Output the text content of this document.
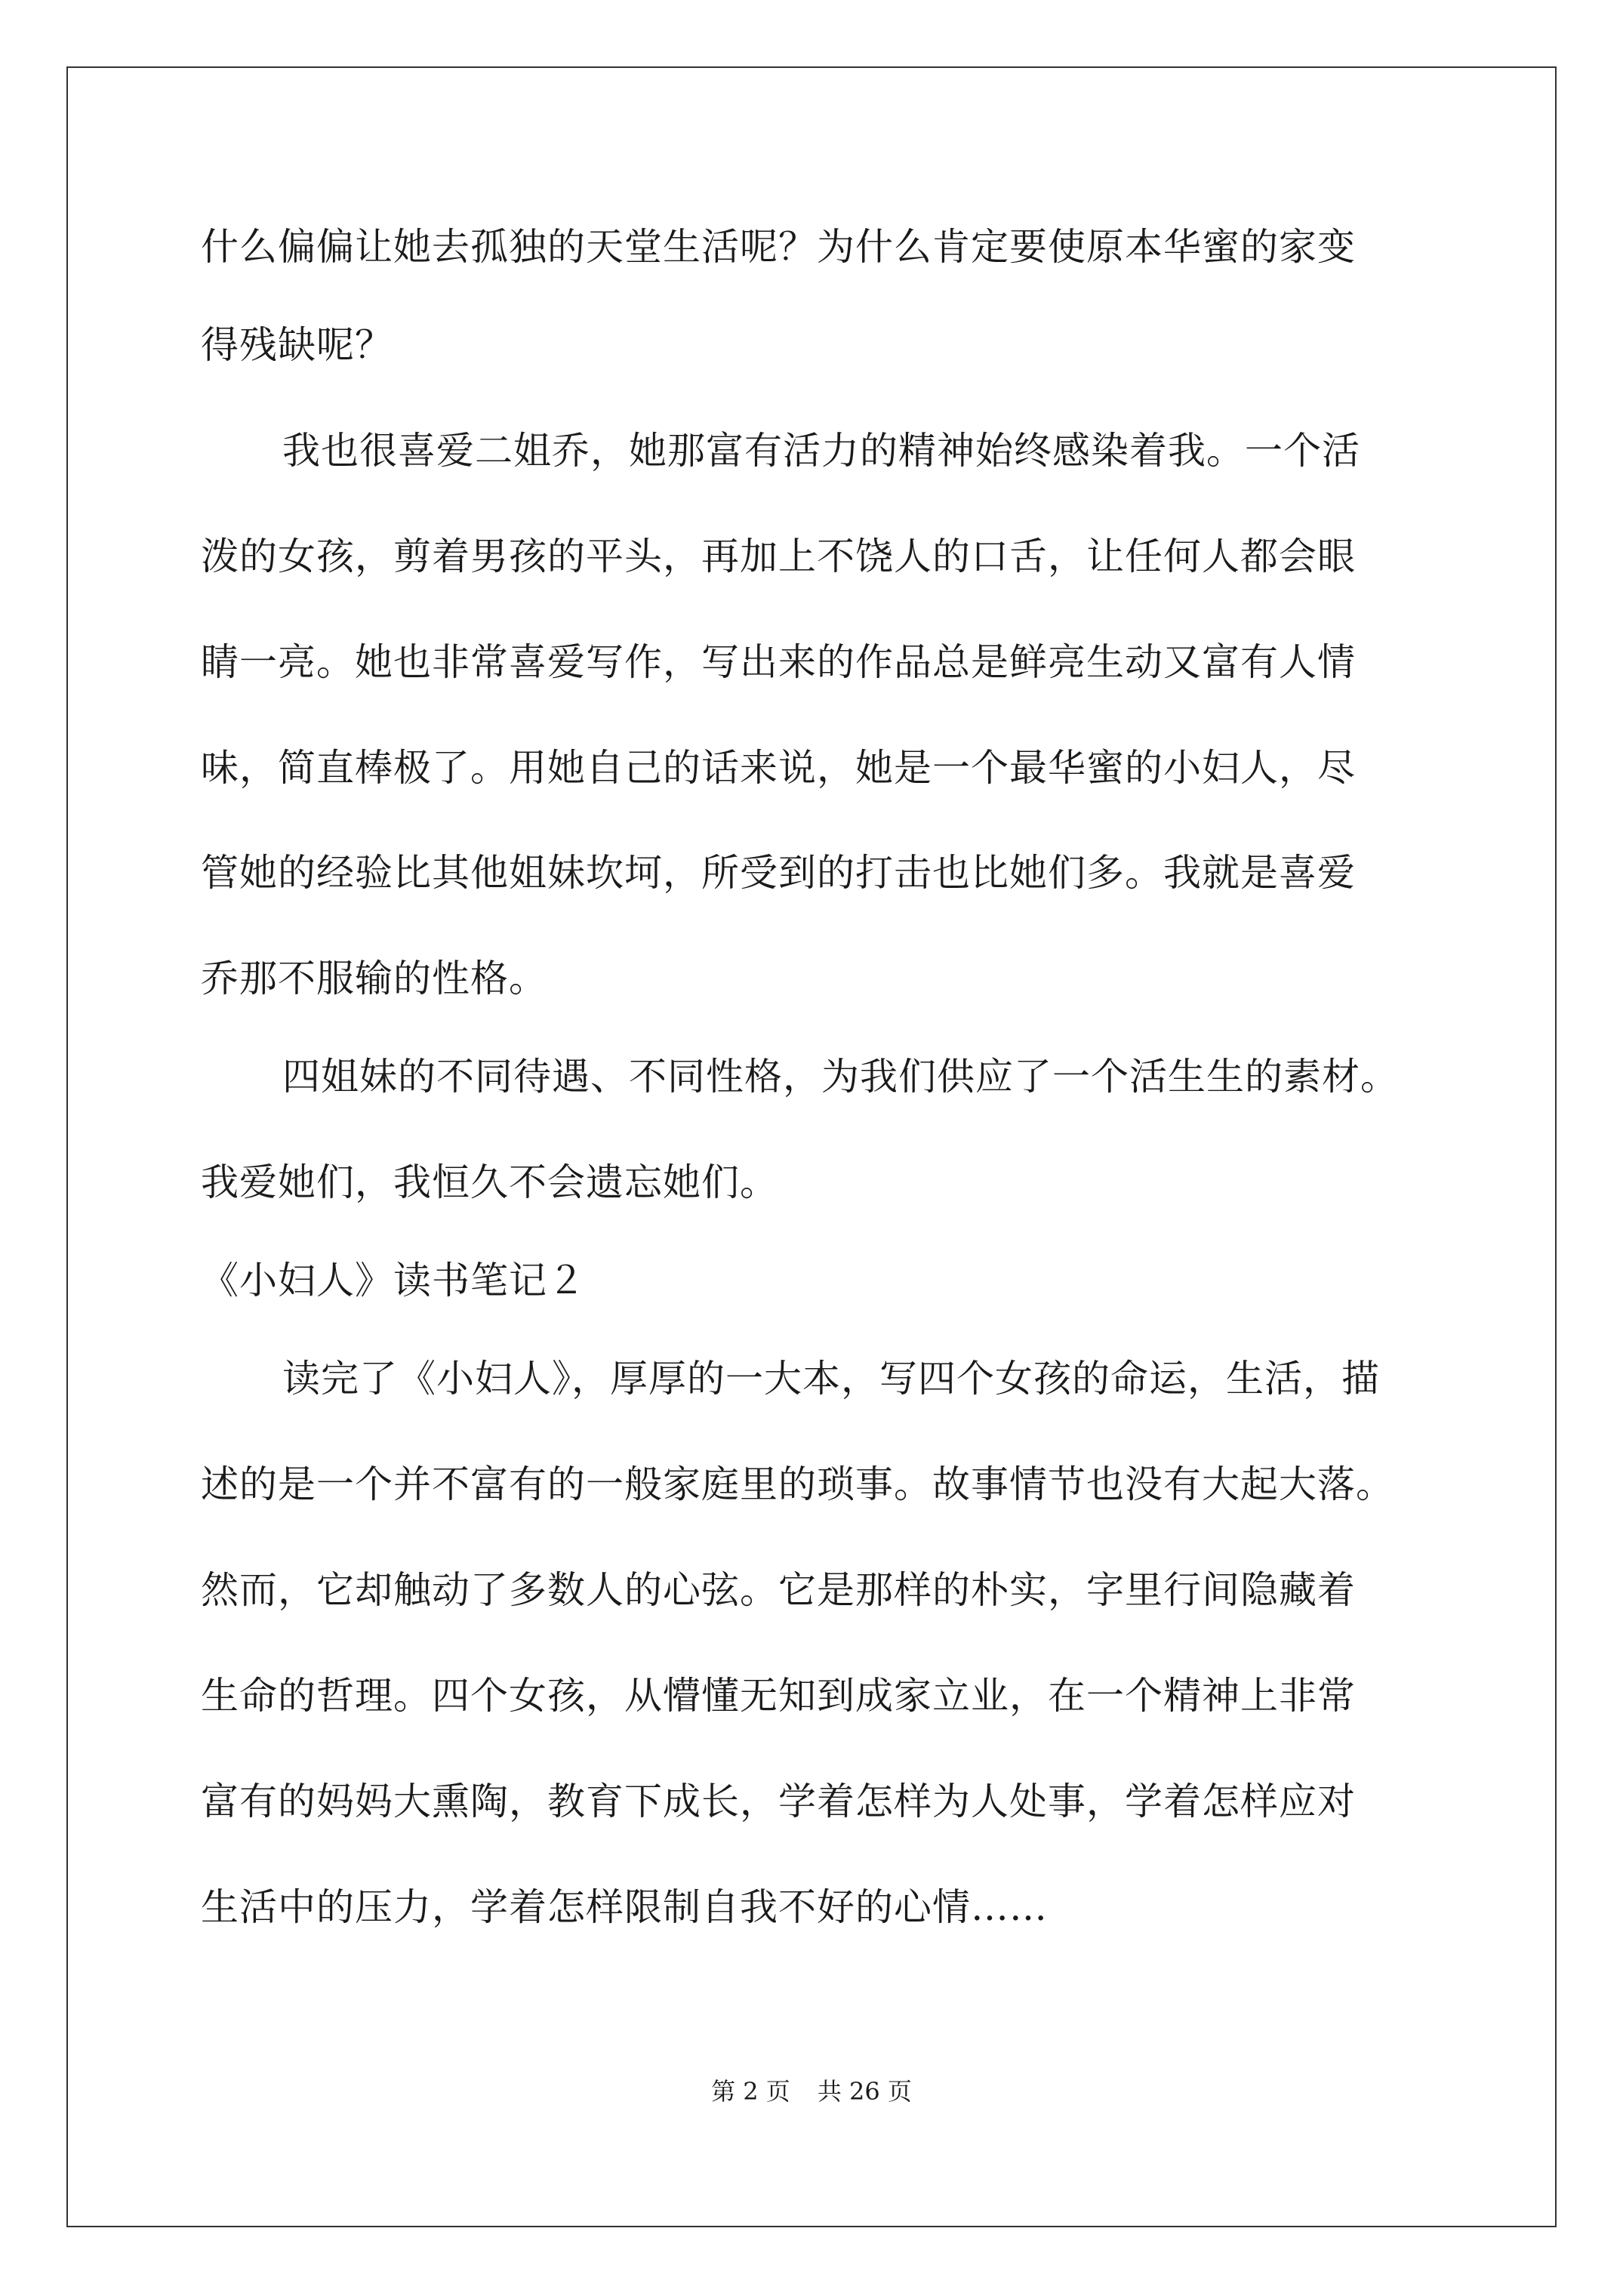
什么偏偏让她去孤独的天堂生活呢？为什么肯定要使原本华蜜的家变
得残缺呢？
我也很喜爱二姐乔，她那富有活力的精神始终感染着我。一个活
泼的女孩，剪着男孩的平头，再加上不饶人的口舌，让任何人都会眼
睛一亮。她也非常喜爱写作，写出来的作品总是鲜亮生动又富有人情
味，简直棒极了。用她自己的话来说，她是一个最华蜜的小妇人，尽
管她的经验比其他姐妹坎坷，所受到的打击也比她们多。我就是喜爱
乔那不服输的性格。
四姐妹的不同待遇、不同性格，为我们供应了一个活生生的素材。
我爱她们，我恒久不会遗忘她们。
《小妇人》读书笔记２
读完了《小妇人》，厚厚的一大本，写四个女孩的命运，生活，描
述的是一个并不富有的一般家庭里的琐事。故事情节也没有大起大落。
然而，它却触动了多数人的心弦。它是那样的朴实，字里行间隐藏着
生命的哲理。四个女孩，从懵懂无知到成家立业，在一个精神上非常
富有的妈妈大熏陶，教育下成长，学着怎样为人处事，学着怎样应对
生活中的压力，学着怎样限制自我不好的心情……
第 2 页 共 26 页
